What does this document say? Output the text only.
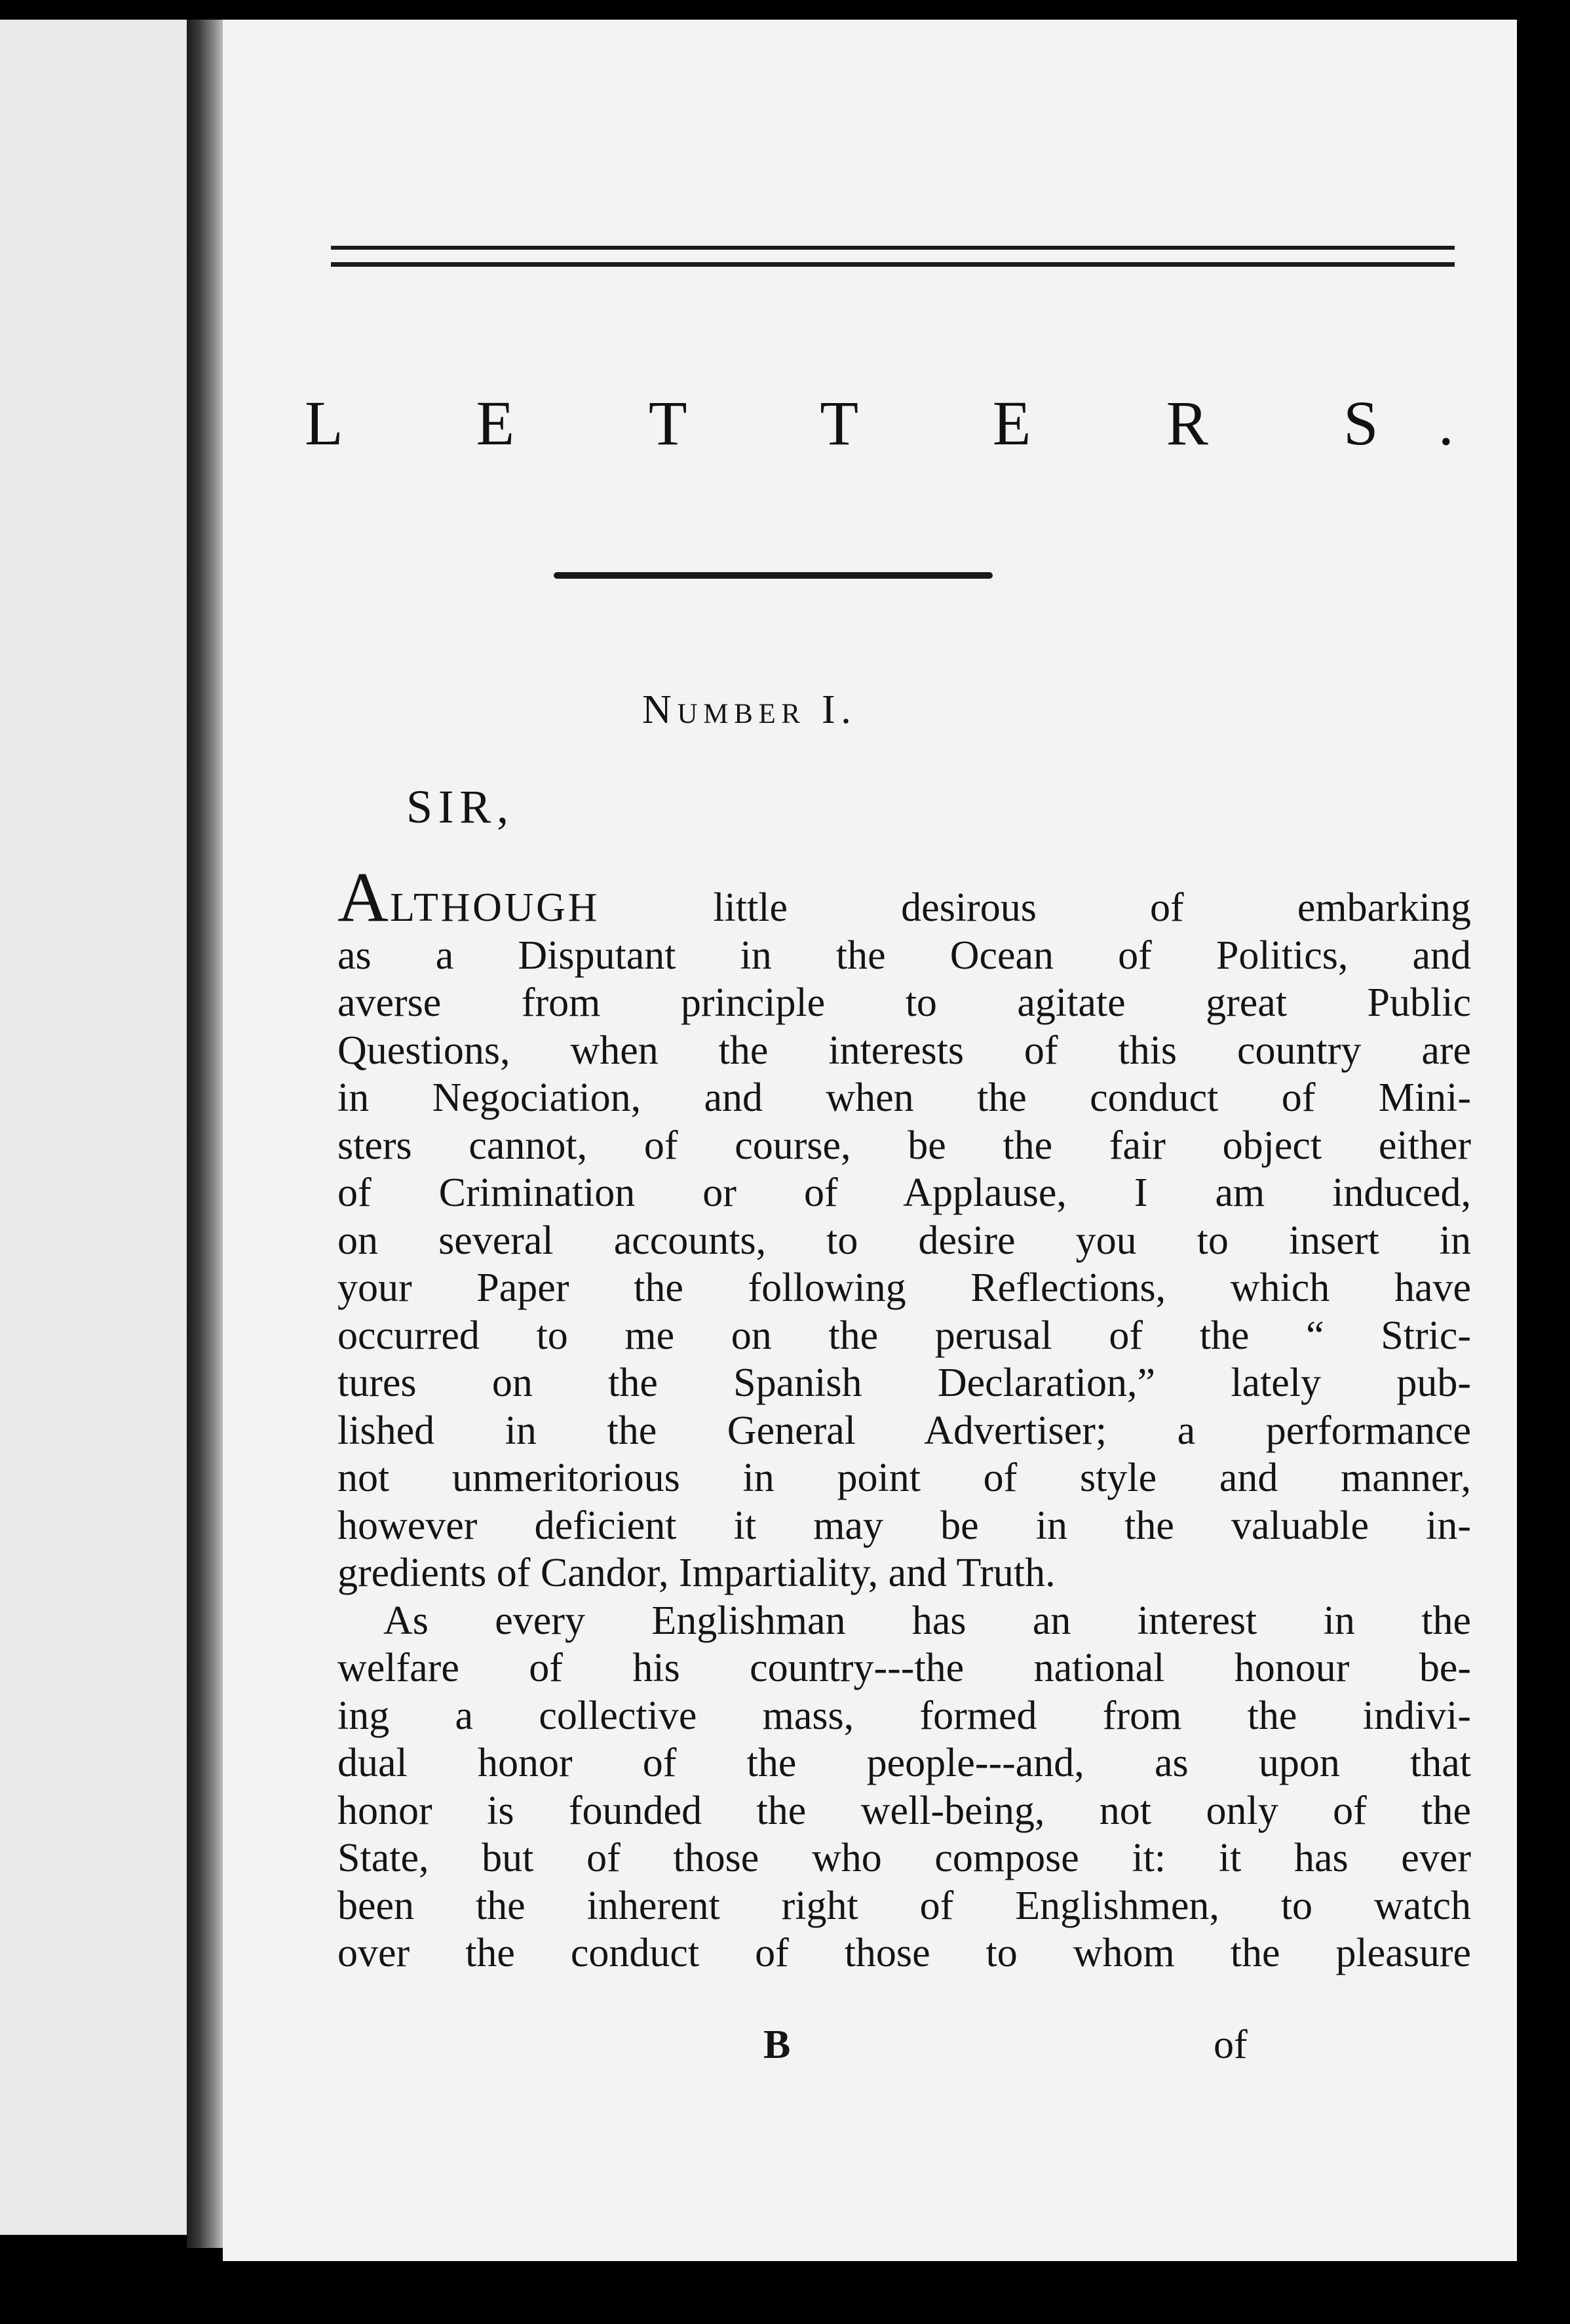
L E T T E R S.
Number I.
SIR,
ALTHOUGH	little desirous of embarking
as a Disputant in the Ocean of Politics, and
averse from principle to agitate great Public
Questions, when the interests of this country are
in Negociation, and when the conduct of Mini-
sters cannot, of course, be the fair object either
of Crimination or of Applause, I am induced,
on several accounts, to desire you to insert in
your Paper the following Reflections, which have
occurred to me on the perusal of the “ Stric-
tures on the Spanish Declaration,” lately pub-
lished in the General Advertiser; a performance
not unmeritorious in point of style and manner,
however deficient it may be in the valuable in-
gredients of Candor, Impartiality, and Truth.
As every Englishman has an interest in the
welfare of his country---the national honour be-
ing a collective mass, formed from the indivi-
dual honor of the people---and, as upon that
honor is founded the well-being, not only of the
State, but of those who compose it: it has ever
been the inherent right of Englishmen, to watch
over the conduct of those to whom the pleasure
B	of
